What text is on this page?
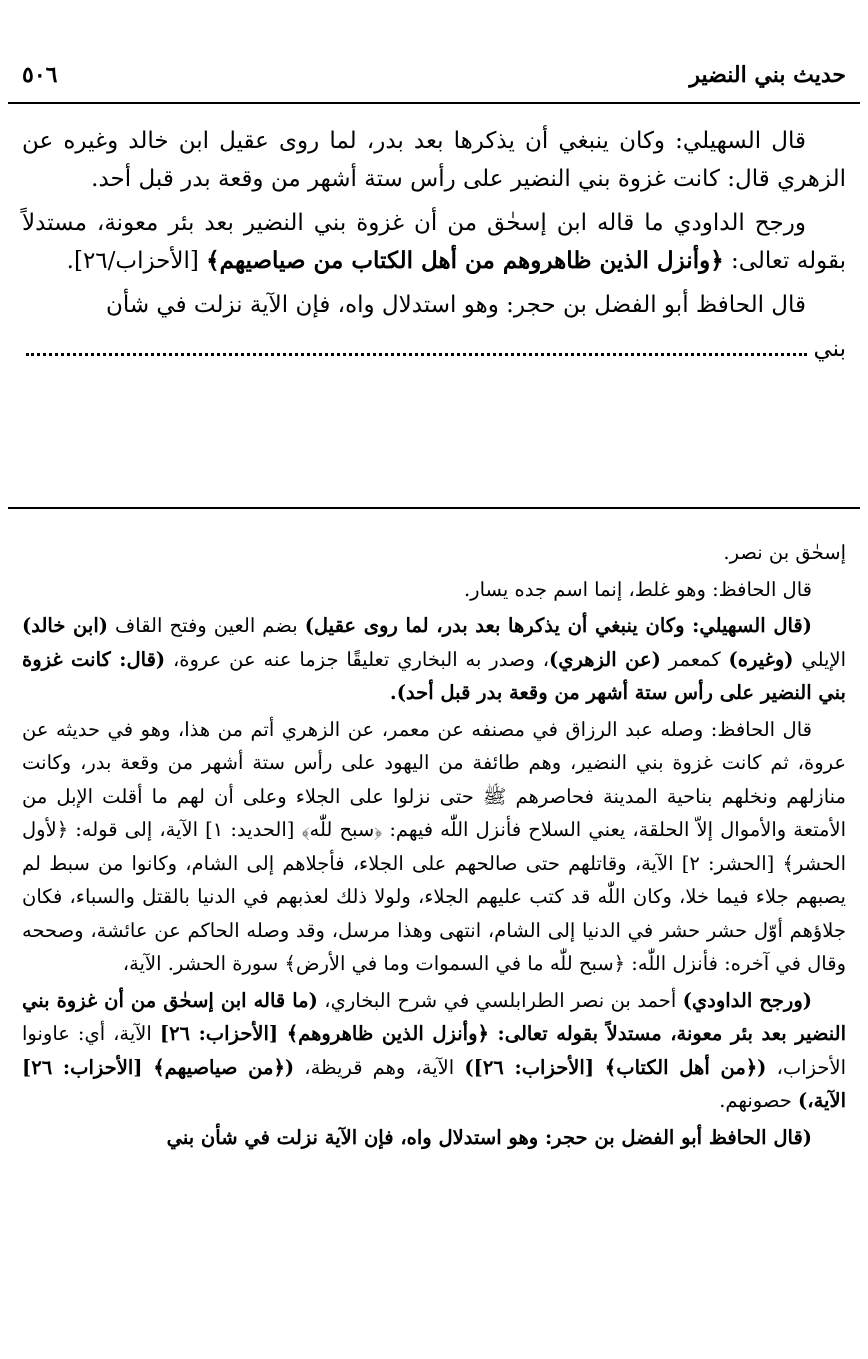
حديث بني النضير
٥٠٦

قال السهيلي: وكان ينبغي أن يذكرها بعد بدر، لما روى عقيل ابن خالد وغيره عن الزهري قال: كانت غزوة بني النضير على رأس ستة أشهر من وقعة بدر قبل أحد.

ورجح الداودي ما قاله ابن إسحٰق من أن غزوة بني النضير بعد بئر معونة، مستدلاً بقوله تعالى: ﴿وأنزل الذين ظاهروهم من أهل الكتاب من صياصيهم﴾ [الأحزاب/٢٦].

قال الحافظ أبو الفضل بن حجر: وهو استدلال واه، فإن الآية نزلت في شأن

بني

إسحٰق بن نصر.

قال الحافظ: وهو غلط، إنما اسم جده يسار.

(قال السهيلي: وكان ينبغي أن يذكرها بعد بدر، لما روى عقيل) بضم العين وفتح القاف (ابن خالد) الإيلي (وغيره) كمعمر (عن الزهري)، وصدر به البخاري تعليقًا جزما عنه عن عروة، (قال: كانت غزوة بني النضير على رأس ستة أشهر من وقعة بدر قبل أحد).

قال الحافظ: وصله عبد الرزاق في مصنفه عن معمر، عن الزهري أتم من هذا، وهو في حديثه عن عروة، ثم كانت غزوة بني النضير، وهم طائفة من اليهود على رأس ستة أشهر من وقعة بدر، وكانت منازلهم ونخلهم بناحية المدينة فحاصرهم ﷺ حتى نزلوا على الجلاء وعلى أن لهم ما أقلت الإبل من الأمتعة والأموال إلاّ الحلقة، يعني السلاح فأنزل اللّٰه فيهم: ﴿سبح للّٰه﴾ [الحديد: ١] الآية، إلى قوله: ﴿لأول الحشر﴾ [الحشر: ٢] الآية، وقاتلهم حتى صالحهم على الجلاء، فأجلاهم إلى الشام، وكانوا من سبط لم يصبهم جلاء فيما خلا، وكان اللّٰه قد كتب عليهم الجلاء، ولولا ذلك لعذبهم في الدنيا بالقتل والسباء، فكان جلاؤهم أوّل حشر حشر في الدنيا إلى الشام، انتهى وهذا مرسل، وقد وصله الحاكم عن عائشة، وصححه وقال في آخره: فأنزل اللّٰه: ﴿سبح للّٰه ما في السموات وما في الأرض﴾ سورة الحشر. الآية،

(ورجح الداودي) أحمد بن نصر الطرابلسي في شرح البخاري، (ما قاله ابن إسحٰق من أن غزوة بني النضير بعد بئر معونة، مستدلاً بقوله تعالى: ﴿وأنزل الذين ظاهروهم﴾ [الأحزاب: ٢٦] الآية، أي: عاونوا الأحزاب، (﴿من أهل الكتاب﴾ [الأحزاب: ٢٦]) الآية، وهم قريظة، (﴿من صياصيهم﴾ [الأحزاب: ٢٦] الآية،) حصونهم.

(قال الحافظ أبو الفضل بن حجر: وهو استدلال واه، فإن الآية نزلت في شأن بني
